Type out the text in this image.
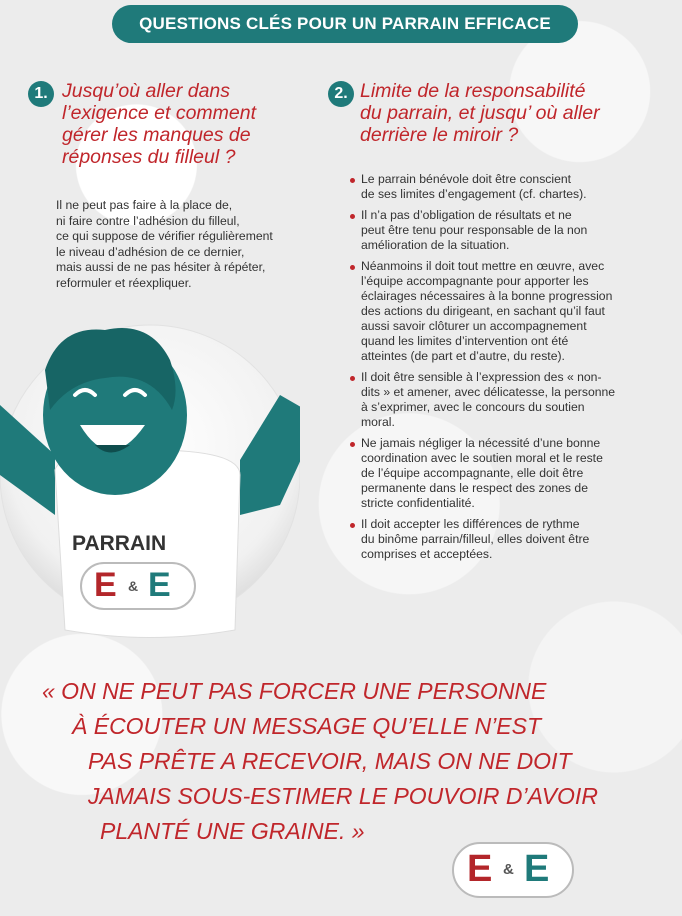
QUESTIONS CLÉS POUR UN PARRAIN EFFICACE
1. Jusqu’où aller dans
l’exigence et comment
gérer les manques de
réponses du filleul ?
Il ne peut pas faire à la place de,
ni faire contre l’adhésion du filleul,
ce qui suppose de vérifier régulièrement
le niveau d’adhésion de ce dernier,
mais aussi de ne pas hésiter à répéter,
reformuler et réexpliquer.
2. Limite de la responsabilité
du parrain, et jusqu’ où aller
derrière le miroir ?
Le parrain bénévole doit être conscient
de ses limites d’engagement (cf. chartes).
Il n’a pas d’obligation de résultats et ne
peut être tenu pour responsable de la non
amélioration de la situation.
Néanmoins il doit tout mettre en œuvre, avec
l’équipe accompagnante pour apporter les
éclairages nécessaires à la bonne progression
des actions du dirigeant, en sachant qu’il faut
aussi savoir clôturer un accompagnement
quand les limites d’intervention ont été
atteintes (de part et d’autre, du reste).
Il doit être sensible à l’expression des « non-
dits » et amener, avec délicatesse, la personne
à s’exprimer, avec le concours du soutien
moral.
Ne jamais négliger la nécessité d’une bonne
coordination avec le soutien moral et le reste
de l’équipe accompagnante, elle doit être
permanente dans le respect des zones de
stricte confidentialité.
Il doit accepter les différences de rythme
du binôme parrain/filleul, elles doivent être
comprises et acceptées.
PARRAIN
E & E
« ON NE PEUT PAS FORCER UNE PERSONNE
À ÉCOUTER UN MESSAGE QU’ELLE N’EST
PAS PRÊTE A RECEVOIR, MAIS ON NE DOIT
JAMAIS SOUS-ESTIMER LE POUVOIR D’AVOIR
PLANTÉ UNE GRAINE. »
E & E
